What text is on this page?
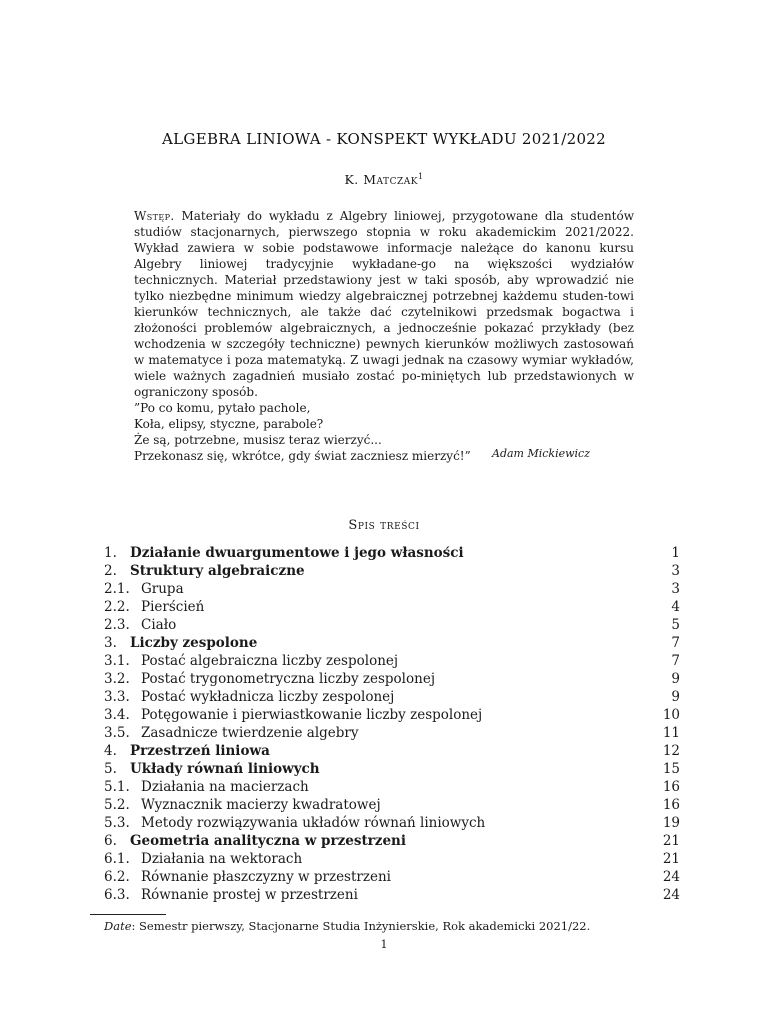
ALGEBRA LINIOWA - KONSPEKT WYKŁADU 2021/2022
K. Matczak$^1$
Wstęp. Materiały do wykładu z Algebry liniowej, przygotowane dla studentów studiów stacjonarnych, pierwszego stopnia w roku akademickim 2021/2022. Wykład zawiera w sobie podstawowe informacje należące do kanonu kursu Algebry liniowej tradycyjnie wykładane-go na większości wydziałów technicznych. Materiał przedstawiony jest w taki sposób, aby wprowadzić nie tylko niezbędne minimum wiedzy algebraicznej potrzebnej każdemu studen-towi kierunków technicznych, ale także dać czytelnikowi przedsmak bogactwa i złożoności problemów algebraicznych, a jednocześnie pokazać przykłady (bez wchodzenia w szczegóły techniczne) pewnych kierunków możliwych zastosowań w matematyce i poza matematyką. Z uwagi jednak na czasowy wymiar wykładów, wiele ważnych zagadnień musiało zostać po-miniętych lub przedstawionych w ograniczony sposób.
”Po co komu, pytało pachole,
Koła, elipsy, styczne, parabole?
Że są, potrzebne, musisz teraz wierzyć...
Przekonasz się, wkrótce, gdy świat zaczniesz mierzyć!”	Adam Mickiewicz
Spis treści
1. Działanie dwuargumentowe i jego własności	1
2. Struktury algebraiczne	3
2.1. Grupa	3
2.2. Pierścień	4
2.3. Ciało	5
3. Liczby zespolone	7
3.1. Postać algebraiczna liczby zespolonej	7
3.2. Postać trygonometryczna liczby zespolonej	9
3.3. Postać wykładnicza liczby zespolonej	9
3.4. Potęgowanie i pierwiastkowanie liczby zespolonej	10
3.5. Zasadnicze twierdzenie algebry	11
4. Przestrzeń liniowa	12
5. Układy równań liniowych	15
5.1. Działania na macierzach	16
5.2. Wyznacznik macierzy kwadratowej	16
5.3. Metody rozwiązywania układów równań liniowych	19
6. Geometria analityczna w przestrzeni	21
6.1. Działania na wektorach	21
6.2. Równanie płaszczyzny w przestrzeni	24
6.3. Równanie prostej w przestrzeni	24
Date: Semestr pierwszy, Stacjonarne Studia Inżynierskie, Rok akademicki 2021/22.
1
